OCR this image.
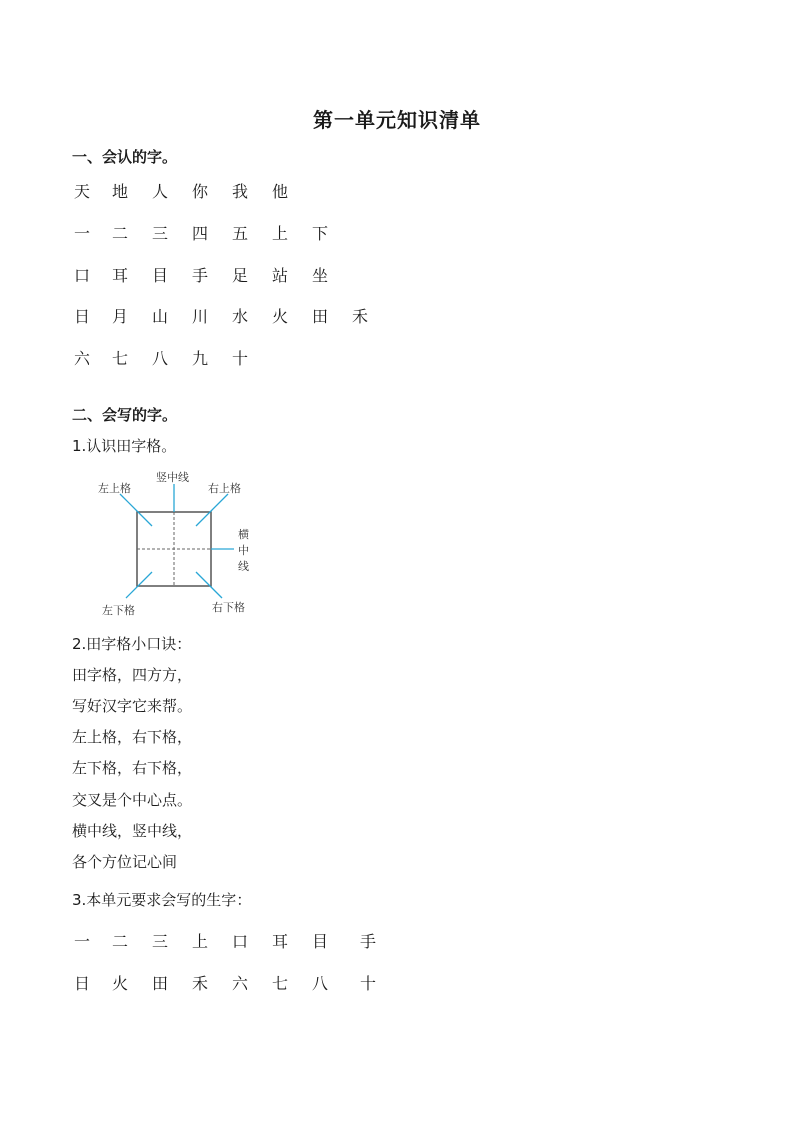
第一单元知识清单
一、会认的字。
天 地 人 你 我 他
一 二 三 四 五 上 下
口 耳 目 手 足 站 坐
日 月 山 川 水 火 田 禾
六 七 八 九 十
二、会写的字。
1.认识田字格。
左上格
竖中线
右上格
横
中
线
左下格	右下格
2.田字格小口诀：
田字格，四方方，
写好汉字它来帮。
左上格，右下格，
左下格，右下格，
交叉是个中心点。
横中线，竖中线，
各个方位记心间
3.本单元要求会写的生字：
一 二 三 上 口 耳 目 手
日 火 田 禾 六 七 八 十
